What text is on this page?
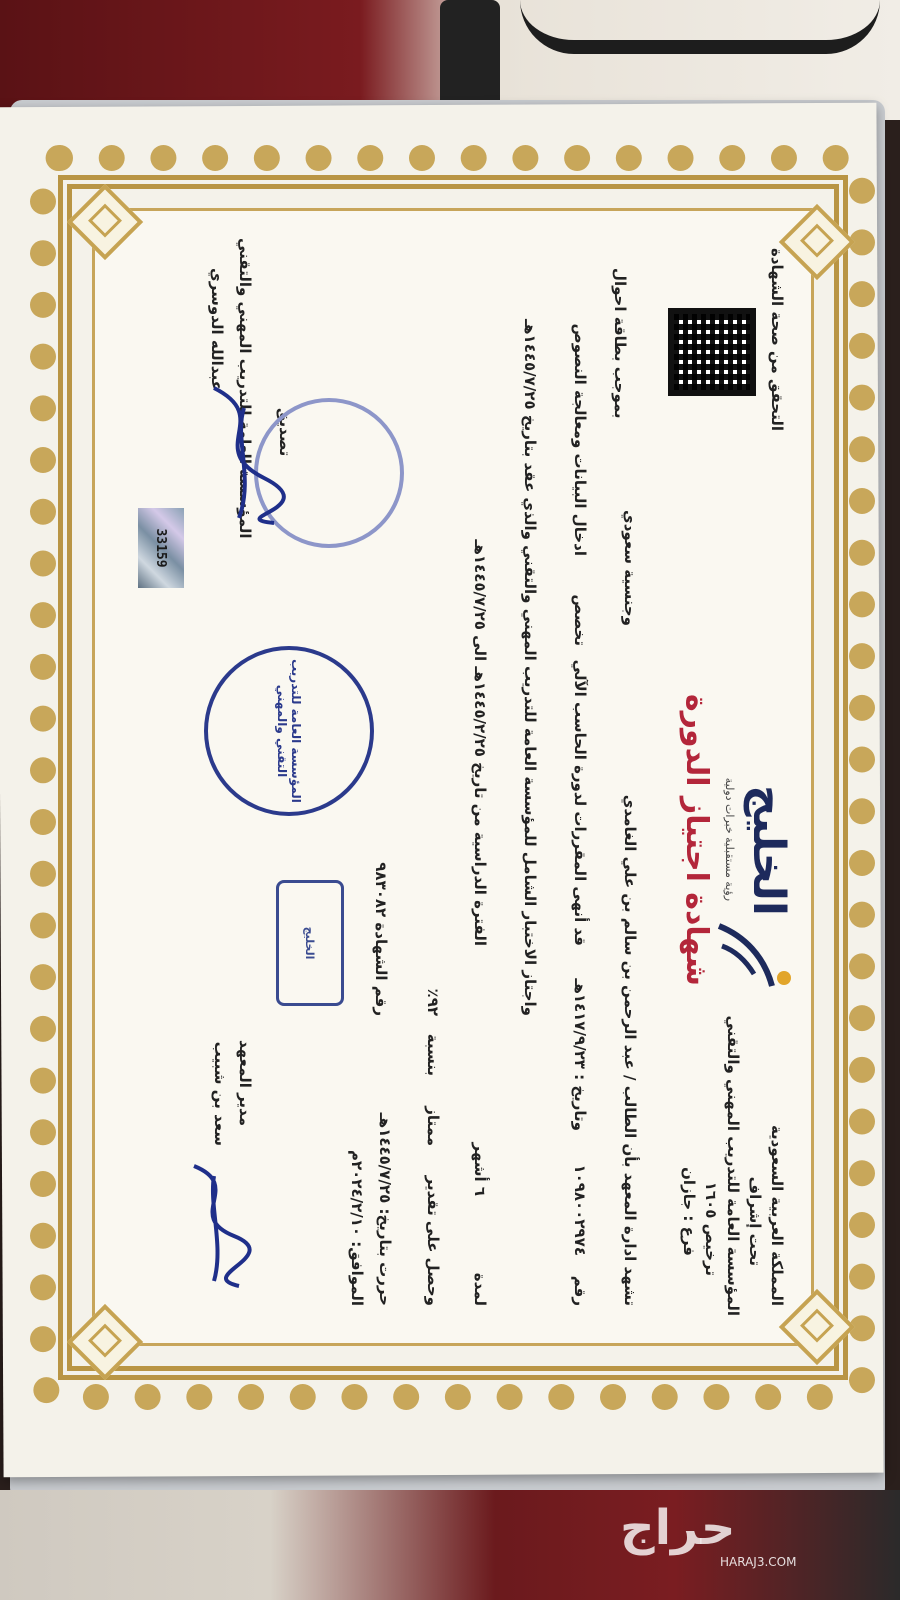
المملكة العربية السعودية
تحت إشراف
المؤسسة العامة للتدريب المهني والتقني
ترخيص ١٦٠٥
فرع : جازان
الخليج
رؤية مستقبلية خبرات دولية
شهادة اجتياز الدورة
التحقق من صحة الشهادة
بموجب بطاقة احوال
تشهد ادارة المعهد بأن الطالب / عبد الرحمن بن سالم بن علي الغامدي
وجنسية سعودي
رقم
١٠٩٨٠٠٢٩٧٤
وتاريخ : ١٤١٧/٩/٢٣هـ
قد أنهى المقررات لدورة الحاسب الآلي
تخصص
ادخال البيانات ومعالجة النصوص
واجتاز الاختبار الشامل للمؤسسة العامة للتدريب المهني والتقني والذي عقد بتاريخ ١٤٤٥/٧/٢٥هـ
لمدة
٦ أشهر
الفترة الدراسية من تاريخ ١٤٤٥/٢/٢٥هـ الى ١٤٤٥/٧/٢٥هـ
وحصل على تقدير
ممتاز
بنسبة
٩٢٪
حررت بتاريخ: ١٤٤٥/٧/٢٥هـ
الموافق: ٢٠٢٤/٢/١٠م
رقم الشهادة ٩٨٣٠٨٢
الخليج
مدير المعهد
سعد بن شبيب
المؤسسة العامة للتدريب التقني والمهني
تصديق
المؤسسة العامة للتدريب المهني والتقني
عبدالله الدوسري
33159
حراج
HARAJ3.COM
